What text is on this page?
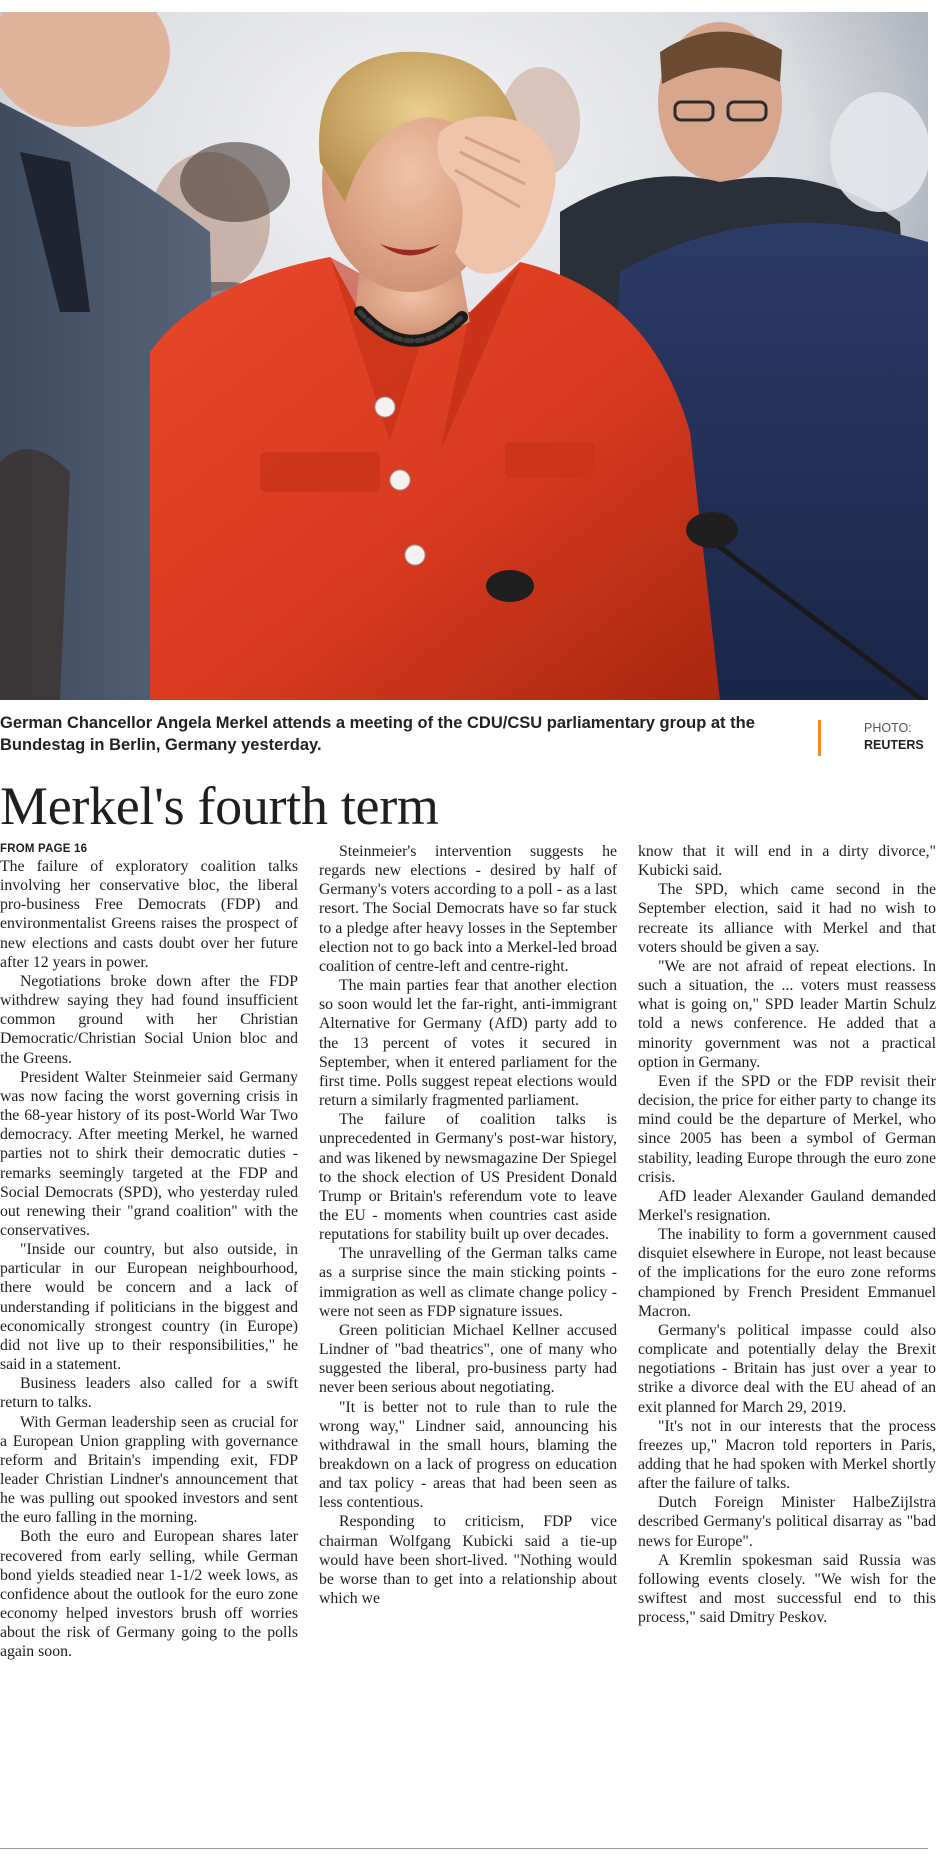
German Chancellor Angela Merkel attends a meeting of the CDU/CSU parliamentary group at the Bundestag in Berlin, Germany yesterday.
PHOTO:
REUTERS
Merkel's fourth term
FROM PAGE 16

The failure of exploratory coalition talks involving her conservative bloc, the liberal pro-business Free Democrats (FDP) and environmentalist Greens raises the prospect of new elections and casts doubt over her future after 12 years in power.

Negotiations broke down after the FDP withdrew saying they had found insufficient common ground with her Christian Democratic/Christian Social Union bloc and the Greens.

President Walter Steinmeier said Germany was now facing the worst governing crisis in the 68-year history of its post-World War Two democracy. After meeting Merkel, he warned parties not to shirk their democratic duties - remarks seemingly targeted at the FDP and Social Democrats (SPD), who yesterday ruled out renewing their "grand coalition" with the conservatives.

"Inside our country, but also outside, in particular in our European neighbourhood, there would be concern and a lack of understanding if politicians in the biggest and economically strongest country (in Europe) did not live up to their responsibilities," he said in a statement.

Business leaders also called for a swift return to talks.

With German leadership seen as crucial for a European Union grappling with governance reform and Britain's impending exit, FDP leader Christian Lindner's announcement that he was pulling out spooked investors and sent the euro falling in the morning.

Both the euro and European shares later recovered from early selling, while German bond yields steadied near 1-1/2 week lows, as confidence about the outlook for the euro zone economy helped investors brush off worries about the risk of Germany going to the polls again soon.

Steinmeier's intervention suggests he regards new elections - desired by half of Germany's voters according to a poll - as a last resort. The Social Democrats have so far stuck to a pledge after heavy losses in the September election not to go back into a Merkel-led broad coalition of centre-left and centre-right.

The main parties fear that another election so soon would let the far-right, anti-immigrant Alternative for Germany (AfD) party add to the 13 percent of votes it secured in September, when it entered parliament for the first time. Polls suggest repeat elections would return a similarly fragmented parliament.

The failure of coalition talks is unprecedented in Germany's post-war history, and was likened by newsmagazine Der Spiegel to the shock election of US President Donald Trump or Britain's referendum vote to leave the EU - moments when countries cast aside reputations for stability built up over decades.

The unravelling of the German talks came as a surprise since the main sticking points - immigration as well as climate change policy - were not seen as FDP signature issues.

Green politician Michael Kellner accused Lindner of "bad theatrics", one of many who suggested the liberal, pro-business party had never been serious about negotiating.

"It is better not to rule than to rule the wrong way," Lindner said, announcing his withdrawal in the small hours, blaming the breakdown on a lack of progress on education and tax policy - areas that had been seen as less contentious.

Responding to criticism, FDP vice chairman Wolfgang Kubicki said a tie-up would have been short-lived. "Nothing would be worse than to get into a relationship about which we

know that it will end in a dirty divorce," Kubicki said.

The SPD, which came second in the September election, said it had no wish to recreate its alliance with Merkel and that voters should be given a say.

"We are not afraid of repeat elections. In such a situation, the ... voters must reassess what is going on," SPD leader Martin Schulz told a news conference. He added that a minority government was not a practical option in Germany.

Even if the SPD or the FDP revisit their decision, the price for either party to change its mind could be the departure of Merkel, who since 2005 has been a symbol of German stability, leading Europe through the euro zone crisis.

AfD leader Alexander Gauland demanded Merkel's resignation.

The inability to form a government caused disquiet elsewhere in Europe, not least because of the implications for the euro zone reforms championed by French President Emmanuel Macron.

Germany's political impasse could also complicate and potentially delay the Brexit negotiations - Britain has just over a year to strike a divorce deal with the EU ahead of an exit planned for March 29, 2019.

"It's not in our interests that the process freezes up," Macron told reporters in Paris, adding that he had spoken with Merkel shortly after the failure of talks.

Dutch Foreign Minister HalbeZijlstra described Germany's political disarray as "bad news for Europe".

A Kremlin spokesman said Russia was following events closely. "We wish for the swiftest and most successful end to this process," said Dmitry Peskov.
